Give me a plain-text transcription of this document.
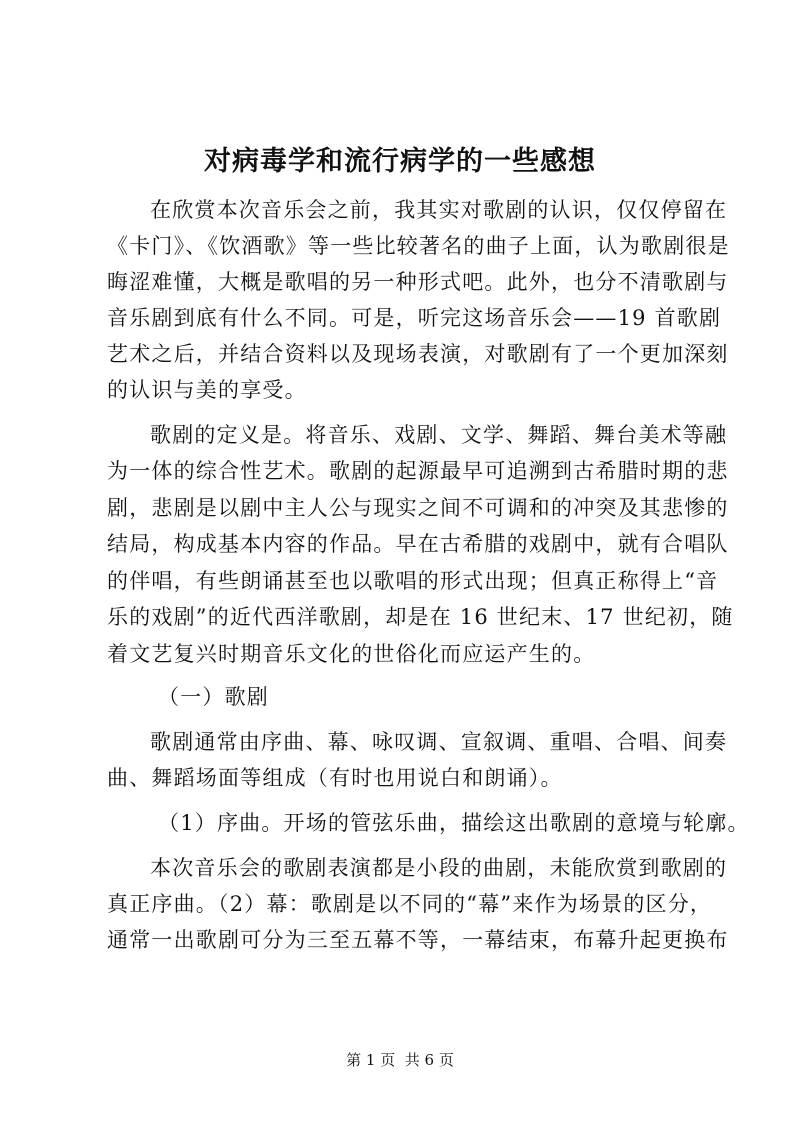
对病毒学和流行病学的一些感想
在欣赏本次音乐会之前，我其实对歌剧的认识，仅仅停留在
《卡门》、《饮酒歌》等一些比较著名的曲子上面，认为歌剧很是
晦涩难懂，大概是歌唱的另一种形式吧。此外，也分不清歌剧与
音乐剧到底有什么不同。可是，听完这场音乐会——19 首歌剧
艺术之后，并结合资料以及现场表演，对歌剧有了一个更加深刻
的认识与美的享受。
歌剧的定义是。将音乐、戏剧、文学、舞蹈、舞台美术等融
为一体的综合性艺术。歌剧的起源最早可追溯到古希腊时期的悲
剧，悲剧是以剧中主人公与现实之间不可调和的冲突及其悲惨的
结局，构成基本内容的作品。早在古希腊的戏剧中，就有合唱队
的伴唱，有些朗诵甚至也以歌唱的形式出现；但真正称得上“音
乐的戏剧”的近代西洋歌剧，却是在 16 世纪末、17 世纪初，随
着文艺复兴时期音乐文化的世俗化而应运产生的。
（一）歌剧
歌剧通常由序曲、幕、咏叹调、宣叙调、重唱、合唱、间奏
曲、舞蹈场面等组成（有时也用说白和朗诵）。
（1）序曲。开场的管弦乐曲，描绘这出歌剧的意境与轮廓。
本次音乐会的歌剧表演都是小段的曲剧，未能欣赏到歌剧的
真正序曲。（2）幕：歌剧是以不同的“幕”来作为场景的区分，
通常一出歌剧可分为三至五幕不等，一幕结束，布幕升起更换布
第 1 页  共 6 页
